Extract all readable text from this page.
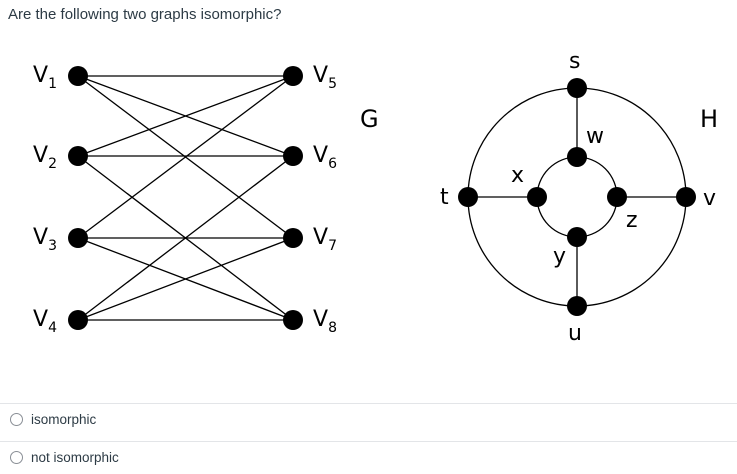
Are the following two graphs isomorphic?
$V_1$
$V_2$
$V_3$
$V_4$
$V_5$
$V_6$
$V_7$
$V_8$
G
s
w
x
t
z
v
y
u
H
isomorphic
not isomorphic
